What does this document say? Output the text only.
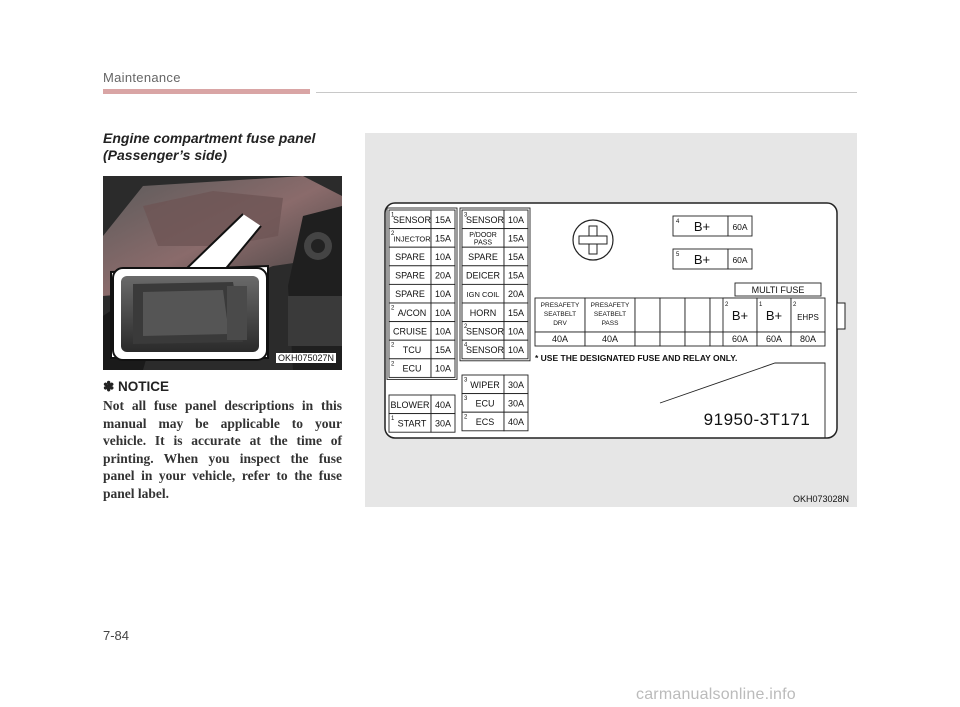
Maintenance
Engine compartment fuse panel
(Passenger’s side)
OKH075027N
✽ NOTICE
Not all fuse panel descriptions in this manual may be applicable to your vehicle. It is accurate at the time of printing. When you inspect the fuse panel in your vehicle, refer to the fuse panel label.
1
SENSOR 15A
2
INJECTOR 15A
SPARE 10A
SPARE 20A
SPARE 10A
2 A/CON 10A
CRUISE 10A
2 TCU 15A
2 ECU 10A
BLOWER 40A
1 START 30A
3
SENSOR 10A
P/DOOR
PASS 15A
SPARE 15A
DEICER 15A
IGN COIL 20A
HORN 15A
2
SENSOR 10A
4
SENSOR 10A
3 WIPER 30A
3 ECU 30A
2 ECS 40A
4 B+	60A
5 B+	60A
PRESAFETY
SEATBELT
DRV
40A
PRESAFETY
SEATBELT
PASS
40A
MULTI FUSE
2
B+
60A
1
B+
60A
2
EHPS
80A
* USE THE DESIGNATED FUSE AND RELAY ONLY.
91950-3T171
OKH073028N
7-84
carmanualsonline.info
